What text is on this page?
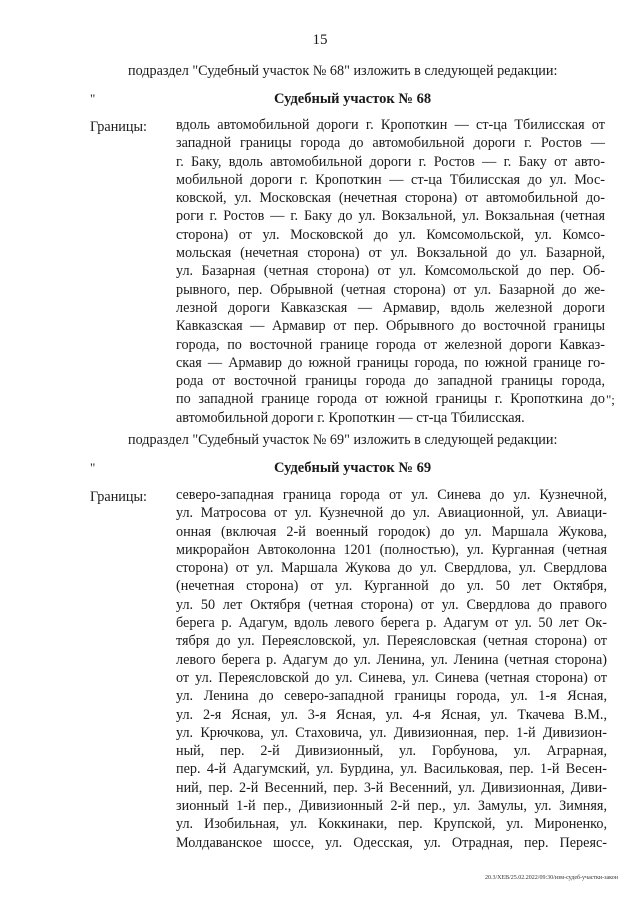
15
подраздел "Судебный участок № 68" изложить в следующей редакции:
"	Судебный участок № 68
Границы: вдоль автомобильной дороги г. Кропоткин — ст-ца Тбилисская от
западной границы города до автомобильной дороги г. Ростов —
г. Баку, вдоль автомобильной дороги г. Ростов — г. Баку от авто-
мобильной дороги г. Кропоткин — ст-ца Тбилисская до ул. Мос-
ковской, ул. Московская (нечетная сторона) от автомобильной до-
роги г. Ростов — г. Баку до ул. Вокзальной, ул. Вокзальная (четная
сторона) от ул. Московской до ул. Комсомольской, ул. Комсо-
мольская (нечетная сторона) от ул. Вокзальной до ул. Базарной,
ул. Базарная (четная сторона) от ул. Комсомольской до пер. Об-
рывного, пер. Обрывной (четная сторона) от ул. Базарной до же-
лезной дороги Кавказская — Армавир, вдоль железной дороги
Кавказская — Армавир от пер. Обрывного до восточной границы
города, по восточной границе города от железной дороги Кавказ-
ская — Армавир до южной границы города, по южной границе го-
рода от восточной границы города до западной границы города,
по западной границе города от южной границы г. Кропоткина до
автомобильной дороги г. Кропоткин — ст-ца Тбилисская.
";
подраздел "Судебный участок № 69" изложить в следующей редакции:
"	Судебный участок № 69
Границы: северо-западная граница города от ул. Синева до ул. Кузнечной,
ул. Матросова от ул. Кузнечной до ул. Авиационной, ул. Авиаци-
онная (включая 2-й военный городок) до ул. Маршала Жукова,
микрорайон Автоколонна 1201 (полностью), ул. Курганная (четная
сторона) от ул. Маршала Жукова до ул. Свердлова, ул. Свердлова
(нечетная сторона) от ул. Курганной до ул. 50 лет Октября,
ул. 50 лет Октября (четная сторона) от ул. Свердлова до правого
берега р. Адагум, вдоль левого берега р. Адагум от ул. 50 лет Ок-
тября до ул. Переясловской, ул. Переясловская (четная сторона) от
левого берега р. Адагум до ул. Ленина, ул. Ленина (четная сторона)
от ул. Переясловской до ул. Синева, ул. Синева (четная сторона) от
ул. Ленина до северо-западной границы города, ул. 1-я Ясная,
ул. 2-я Ясная, ул. 3-я Ясная, ул. 4-я Ясная, ул. Ткачева В.М.,
ул. Крючкова, ул. Стаховича, ул. Дивизионная, пер. 1-й Дивизион-
ный, пер. 2-й Дивизионный, ул. Горбунова, ул. Аграрная,
пер. 4-й Адагумский, ул. Бурдина, ул. Васильковая, пер. 1-й Весен-
ний, пер. 2-й Весенний, пер. 3-й Весенний, ул. Дивизионная, Диви-
зионный 1-й пер., Дивизионный 2-й пер., ул. Замулы, ул. Зимняя,
ул. Изобильная, ул. Коккинаки, пер. Крупской, ул. Мироненко,
Молдаванское шоссе, ул. Одесская, ул. Отрадная, пер. Переяс-
20.3/ХЕВ/25.02.2022/09:30/изм-судеб-участки-закон
